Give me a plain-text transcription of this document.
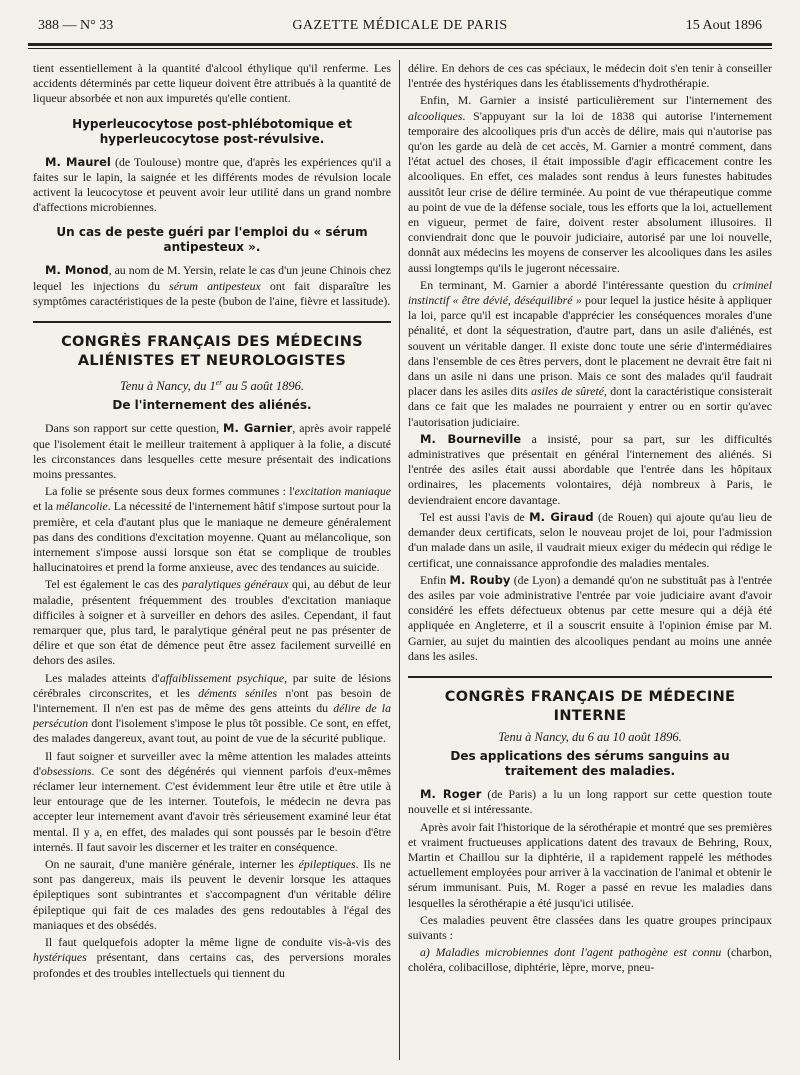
388 — N° 33	GAZETTE MÉDICALE DE PARIS	15 Aout 1896

tient essentiellement à la quantité d'alcool éthylique qu'il renferme. Les accidents déterminés par cette liqueur doivent être attribués à la quantité de liqueur absorbée et non aux impuretés qu'elle contient.

Hyperleucocytose post-phlébotomique et hyperleucocytose post-révulsive.

M. Maurel (de Toulouse) montre que, d'après les expériences qu'il a faites sur le lapin, la saignée et les différents modes de révulsion locale activent la leucocytose et peuvent avoir leur utilité dans un grand nombre d'affections microbiennes.

Un cas de peste guéri par l'emploi du « sérum antipesteux ».

M. Monod, au nom de M. Yersin, relate le cas d'un jeune Chinois chez lequel les injections du sérum antipesteux ont fait disparaître les symptômes caractéristiques de la peste (bubon de l'aine, fièvre et lassitude).

CONGRÈS FRANÇAIS DES MÉDECINS ALIÉNISTES ET NEUROLOGISTES
Tenu à Nancy, du 1er au 5 août 1896.
De l'internement des aliénés.

Dans son rapport sur cette question, M. Garnier, après avoir rappelé que l'isolement était le meilleur traitement à appliquer à la folie, a discuté les circonstances dans lesquelles cette mesure présentait des indications moins pressantes.

La folie se présente sous deux formes communes : l'excitation maniaque et la mélancolie. La nécessité de l'internement hâtif s'impose surtout pour la première, et cela d'autant plus que le maniaque ne demeure généralement pas dans des conditions d'excitation moyenne. Quant au mélancolique, son internement s'impose aussi lorsque son état se complique de troubles hallucinatoires et prend la forme anxieuse, avec des tendances au suicide.

Tel est également le cas des paralytiques généraux qui, au début de leur maladie, présentent fréquemment des troubles d'excitation maniaque difficiles à soigner et à surveiller en dehors des asiles. Cependant, il faut remarquer que, plus tard, le paralytique général peut ne pas présenter de délire et que son état de démence peut être assez facilement surveillé en dehors des asiles.

Les malades atteints d'affaiblissement psychique, par suite de lésions cérébrales circonscrites, et les déments séniles n'ont pas besoin de l'internement. Il n'en est pas de même des gens atteints du délire de la persécution dont l'isolement s'impose le plus tôt possible. Ce sont, en effet, des malades dangereux, avant tout, au point de vue de la sécurité publique.

Il faut soigner et surveiller avec la même attention les malades atteints d'obsessions. Ce sont des dégénérés qui viennent parfois d'eux-mêmes réclamer leur internement. C'est évidemment leur être utile et être utile à leur entourage que de les interner. Toutefois, le médecin ne devra pas accepter leur internement avant d'avoir très sérieusement examiné leur état mental. Il y a, en effet, des malades qui sont poussés par le besoin d'être internés. Il faut savoir les discerner et les traiter en conséquence.

On ne saurait, d'une manière générale, interner les épileptiques. Ils ne sont pas dangereux, mais ils peuvent le devenir lorsque les attaques épileptiques sont subintrantes et s'accompagnent d'un véritable délire épileptique qui fait de ces malades des gens redoutables à l'égal des maniaques et des obsédés.

Il faut quelquefois adopter la même ligne de conduite vis-à-vis des hystériques présentant, dans certains cas, des perversions morales profondes et des troubles intellectuels qui tiennent du

délire. En dehors de ces cas spéciaux, le médecin doit s'en tenir à conseiller l'entrée des hystériques dans les établissements d'hydrothérapie.

Enfin, M. Garnier a insisté particulièrement sur l'internement des alcooliques. S'appuyant sur la loi de 1838 qui autorise l'internement temporaire des alcooliques pris d'un accès de délire, mais qui n'autorise pas qu'on les garde au delà de cet accès, M. Garnier a montré comment, dans l'état actuel des choses, il était impossible d'agir efficacement contre les alcooliques. En effet, ces malades sont rendus à leurs funestes habitudes aussitôt leur crise de délire terminée. Au point de vue thérapeutique comme au point de vue de la défense sociale, tous les efforts que la loi, actuellement en vigueur, permet de faire, doivent rester absolument illusoires. Il conviendrait donc que le pouvoir judiciaire, autorisé par une loi nouvelle, donnât aux médecins les moyens de conserver les alcooliques dans les asiles aussi longtemps qu'ils le jugeront nécessaire.

En terminant, M. Garnier a abordé l'intéressante question du criminel instinctif « être dévié, déséquilibré » pour lequel la justice hésite à appliquer la loi, parce qu'il est incapable d'apprécier les conséquences morales d'une pénalité, et dont la séquestration, d'autre part, dans un asile d'aliénés, est souvent un véritable danger. Il existe donc toute une série d'intermédiaires dans l'ensemble de ces êtres pervers, dont le placement ne devrait être fait ni dans un asile ni dans une prison. Mais ce sont des malades qu'il faudrait placer dans les asiles dits asiles de sûreté, dont la caractéristique consisterait dans ce fait que les malades ne pourraient y entrer ou en sortir qu'avec l'autorisation judiciaire.

M. Bourneville a insisté, pour sa part, sur les difficultés administratives que présentait en général l'internement des aliénés. Si l'entrée des asiles était aussi abordable que l'entrée dans les hôpitaux ordinaires, les placements volontaires, déjà nombreux à Paris, le deviendraient encore davantage.

Tel est aussi l'avis de M. Giraud (de Rouen) qui ajoute qu'au lieu de demander deux certificats, selon le nouveau projet de loi, pour l'admission d'un malade dans un asile, il vaudrait mieux exiger du médecin qui rédige le certificat, une connaissance approfondie des maladies mentales.

Enfin M. Rouby (de Lyon) a demandé qu'on ne substituât pas à l'entrée des asiles par voie administrative l'entrée par voie judiciaire avant d'avoir considéré les effets défectueux obtenus par cette mesure qui a déjà été appliquée en Angleterre, et il a souscrit ensuite à l'opinion émise par M. Garnier, au sujet du maintien des alcooliques pendant au moins une année dans les asiles.

CONGRÈS FRANÇAIS DE MÉDECINE INTERNE
Tenu à Nancy, du 6 au 10 août 1896.
Des applications des sérums sanguins au traitement des maladies.

M. Roger (de Paris) a lu un long rapport sur cette question toute nouvelle et si intéressante.

Après avoir fait l'historique de la sérothérapie et montré que ses premières et vraiment fructueuses applications datent des travaux de Behring, Roux, Martin et Chaillou sur la diphtérie, il a rapidement rappelé les méthodes actuellement employées pour arriver à la vaccination de l'animal et obtenir le sérum immunisant. Puis, M. Roger a passé en revue les maladies dans lesquelles la sérothérapie a été jusqu'ici utilisée.

Ces maladies peuvent être classées dans les quatre groupes principaux suivants :

a) Maladies microbiennes dont l'agent pathogène est connu (charbon, choléra, colibacillose, diphtérie, lèpre, morve, pneu-
